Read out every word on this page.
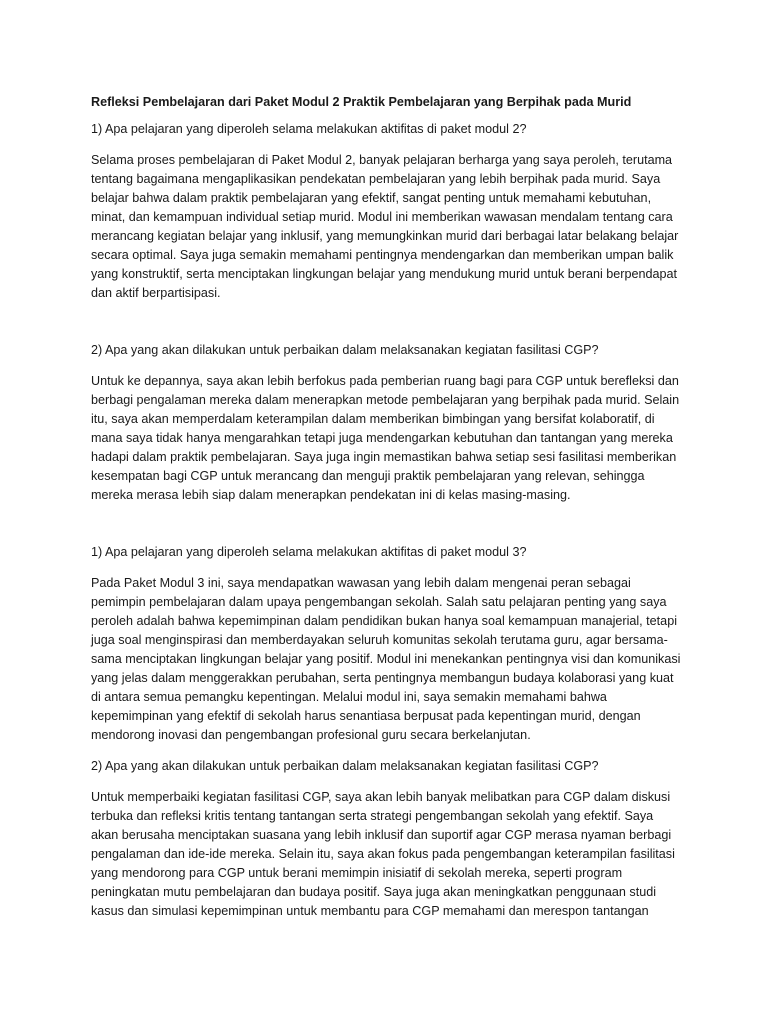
Refleksi Pembelajaran dari Paket Modul 2 Praktik Pembelajaran yang Berpihak pada Murid

1) Apa pelajaran yang diperoleh selama melakukan aktifitas di paket modul 2?

Selama proses pembelajaran di Paket Modul 2, banyak pelajaran berharga yang saya peroleh, terutama tentang bagaimana mengaplikasikan pendekatan pembelajaran yang lebih berpihak pada murid. Saya belajar bahwa dalam praktik pembelajaran yang efektif, sangat penting untuk memahami kebutuhan, minat, dan kemampuan individual setiap murid. Modul ini memberikan wawasan mendalam tentang cara merancang kegiatan belajar yang inklusif, yang memungkinkan murid dari berbagai latar belakang belajar secara optimal. Saya juga semakin memahami pentingnya mendengarkan dan memberikan umpan balik yang konstruktif, serta menciptakan lingkungan belajar yang mendukung murid untuk berani berpendapat dan aktif berpartisipasi.

2) Apa yang akan dilakukan untuk perbaikan dalam melaksanakan kegiatan fasilitasi CGP?

Untuk ke depannya, saya akan lebih berfokus pada pemberian ruang bagi para CGP untuk berefleksi dan berbagi pengalaman mereka dalam menerapkan metode pembelajaran yang berpihak pada murid. Selain itu, saya akan memperdalam keterampilan dalam memberikan bimbingan yang bersifat kolaboratif, di mana saya tidak hanya mengarahkan tetapi juga mendengarkan kebutuhan dan tantangan yang mereka hadapi dalam praktik pembelajaran. Saya juga ingin memastikan bahwa setiap sesi fasilitasi memberikan kesempatan bagi CGP untuk merancang dan menguji praktik pembelajaran yang relevan, sehingga mereka merasa lebih siap dalam menerapkan pendekatan ini di kelas masing-masing.

1) Apa pelajaran yang diperoleh selama melakukan aktifitas di paket modul 3?

Pada Paket Modul 3 ini, saya mendapatkan wawasan yang lebih dalam mengenai peran sebagai pemimpin pembelajaran dalam upaya pengembangan sekolah. Salah satu pelajaran penting yang saya peroleh adalah bahwa kepemimpinan dalam pendidikan bukan hanya soal kemampuan manajerial, tetapi juga soal menginspirasi dan memberdayakan seluruh komunitas sekolah terutama guru, agar bersama-sama menciptakan lingkungan belajar yang positif. Modul ini menekankan pentingnya visi dan komunikasi yang jelas dalam menggerakkan perubahan, serta pentingnya membangun budaya kolaborasi yang kuat di antara semua pemangku kepentingan. Melalui modul ini, saya semakin memahami bahwa kepemimpinan yang efektif di sekolah harus senantiasa berpusat pada kepentingan murid, dengan mendorong inovasi dan pengembangan profesional guru secara berkelanjutan.

2) Apa yang akan dilakukan untuk perbaikan dalam melaksanakan kegiatan fasilitasi CGP?

Untuk memperbaiki kegiatan fasilitasi CGP, saya akan lebih banyak melibatkan para CGP dalam diskusi terbuka dan refleksi kritis tentang tantangan serta strategi pengembangan sekolah yang efektif. Saya akan berusaha menciptakan suasana yang lebih inklusif dan suportif agar CGP merasa nyaman berbagi pengalaman dan ide-ide mereka. Selain itu, saya akan fokus pada pengembangan keterampilan fasilitasi yang mendorong para CGP untuk berani memimpin inisiatif di sekolah mereka, seperti program peningkatan mutu pembelajaran dan budaya positif. Saya juga akan meningkatkan penggunaan studi kasus dan simulasi kepemimpinan untuk membantu para CGP memahami dan merespon tantangan
